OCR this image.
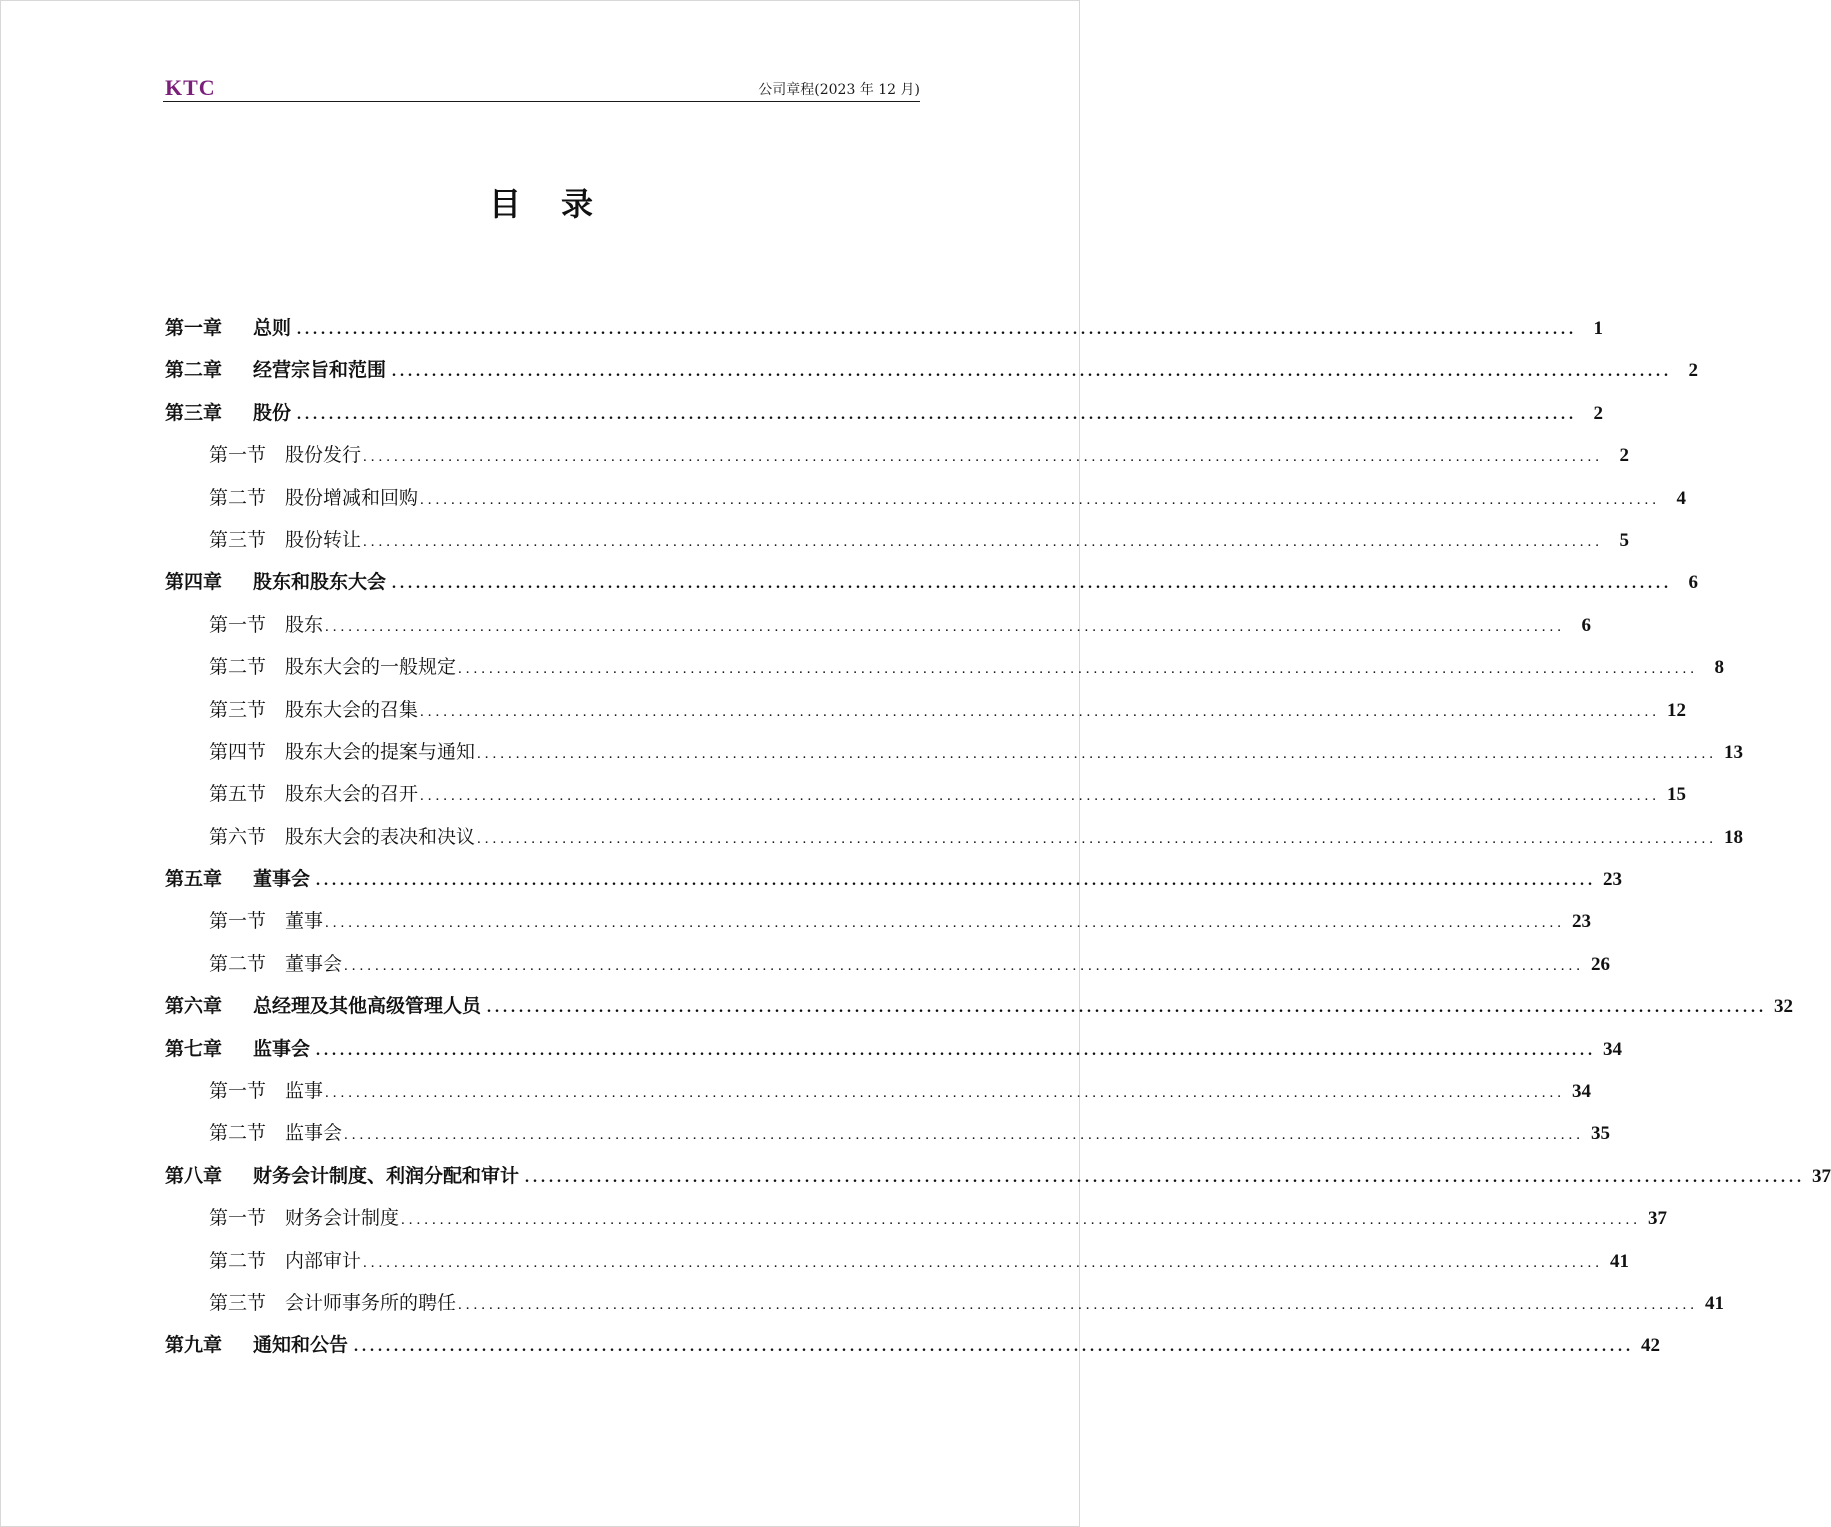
KTC	公司章程(2023 年 12 月)
目录
第一章	总则 ................................................................................................................................................................ 1
第二章	经营宗旨和范围 ................................................................................................................................................................ 2
第三章	股份 ................................................................................................................................................................ 2
第一节 股份发行 ................................................................................................................................................................ 2
第二节 股份增减和回购 ................................................................................................................................................................ 4
第三节 股份转让 ................................................................................................................................................................ 5
第四章	股东和股东大会 ................................................................................................................................................................ 6
第一节 股东 ................................................................................................................................................................ 6
第二节 股东大会的一般规定 ................................................................................................................................................................ 8
第三节 股东大会的召集 ................................................................................................................................................................ 12
第四节 股东大会的提案与通知 ................................................................................................................................................................ 13
第五节 股东大会的召开 ................................................................................................................................................................ 15
第六节 股东大会的表决和决议 ................................................................................................................................................................ 18
第五章	董事会 ................................................................................................................................................................ 23
第一节 董事 ................................................................................................................................................................ 23
第二节 董事会 ................................................................................................................................................................ 26
第六章	总经理及其他高级管理人员 ................................................................................................................................................................ 32
第七章	监事会 ................................................................................................................................................................ 34
第一节 监事 ................................................................................................................................................................ 34
第二节 监事会 ................................................................................................................................................................ 35
第八章	财务会计制度、利润分配和审计 ................................................................................................................................................................ 37
第一节 财务会计制度 ................................................................................................................................................................ 37
第二节 内部审计 ................................................................................................................................................................ 41
第三节 会计师事务所的聘任 ................................................................................................................................................................ 41
第九章	通知和公告 ................................................................................................................................................................ 42
